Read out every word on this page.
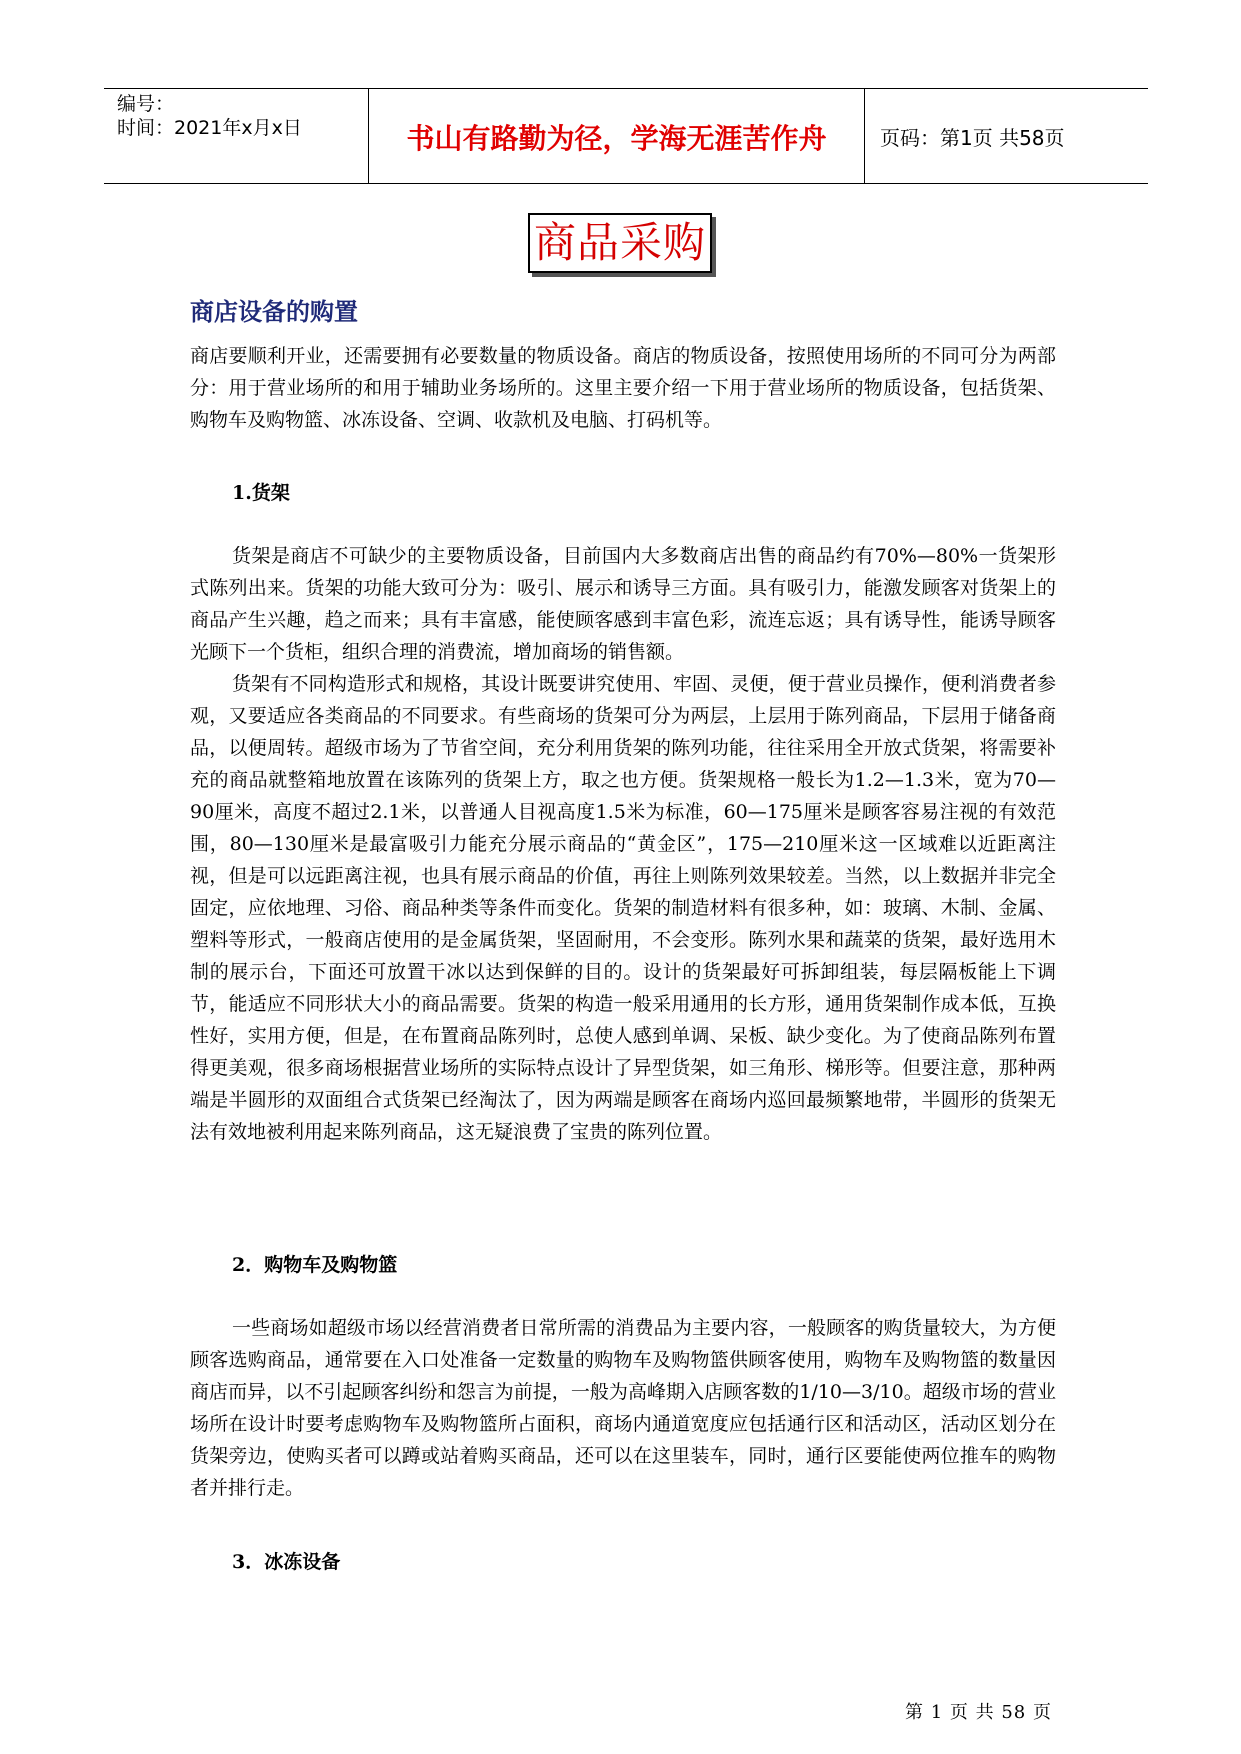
编号：
时间：2021年x月x日	书山有路勤为径，学海无涯苦作舟	页码：第1页 共58页
商品采购
商店设备的购置
商店要顺利开业，还需要拥有必要数量的物质设备。商店的物质设备，按照使用场所的不同可分为两部分：用于营业场所的和用于辅助业务场所的。这里主要介绍一下用于营业场所的物质设备，包括货架、购物车及购物篮、冰冻设备、空调、收款机及电脑、打码机等。
1.货架
货架是商店不可缺少的主要物质设备，目前国内大多数商店出售的商品约有70%—80%一货架形式陈列出来。货架的功能大致可分为：吸引、展示和诱导三方面。具有吸引力，能激发顾客对货架上的商品产生兴趣，趋之而来；具有丰富感，能使顾客感到丰富色彩，流连忘返；具有诱导性，能诱导顾客光顾下一个货柜，组织合理的消费流，增加商场的销售额。
货架有不同构造形式和规格，其设计既要讲究使用、牢固、灵便，便于营业员操作，便利消费者参观，又要适应各类商品的不同要求。有些商场的货架可分为两层，上层用于陈列商品，下层用于储备商品，以便周转。超级市场为了节省空间，充分利用货架的陈列功能，往往采用全开放式货架，将需要补充的商品就整箱地放置在该陈列的货架上方，取之也方便。货架规格一般长为1.2—1.3米，宽为70—90厘米，高度不超过2.1米，以普通人目视高度1.5米为标准，60—175厘米是顾客容易注视的有效范围，80—130厘米是最富吸引力能充分展示商品的“黄金区”，175—210厘米这一区域难以近距离注视，但是可以远距离注视，也具有展示商品的价值，再往上则陈列效果较差。当然，以上数据并非完全固定，应依地理、习俗、商品种类等条件而变化。货架的制造材料有很多种，如：玻璃、木制、金属、塑料等形式，一般商店使用的是金属货架，坚固耐用，不会变形。陈列水果和蔬菜的货架，最好选用木制的展示台，下面还可放置干冰以达到保鲜的目的。设计的货架最好可拆卸组装，每层隔板能上下调节，能适应不同形状大小的商品需要。货架的构造一般采用通用的长方形，通用货架制作成本低，互换性好，实用方便，但是，在布置商品陈列时，总使人感到单调、呆板、缺少变化。为了使商品陈列布置得更美观，很多商场根据营业场所的实际特点设计了异型货架，如三角形、梯形等。但要注意，那种两端是半圆形的双面组合式货架已经淘汰了，因为两端是顾客在商场内巡回最频繁地带，半圆形的货架无法有效地被利用起来陈列商品，这无疑浪费了宝贵的陈列位置。
2．购物车及购物篮
一些商场如超级市场以经营消费者日常所需的消费品为主要内容，一般顾客的购货量较大，为方便顾客选购商品，通常要在入口处准备一定数量的购物车及购物篮供顾客使用，购物车及购物篮的数量因商店而异，以不引起顾客纠纷和怨言为前提，一般为高峰期入店顾客数的1/10—3/10。超级市场的营业场所在设计时要考虑购物车及购物篮所占面积，商场内通道宽度应包括通行区和活动区，活动区划分在货架旁边，使购买者可以蹲或站着购买商品，还可以在这里装车，同时，通行区要能使两位推车的购物者并排行走。
3．冰冻设备
第 1 页 共 58 页
